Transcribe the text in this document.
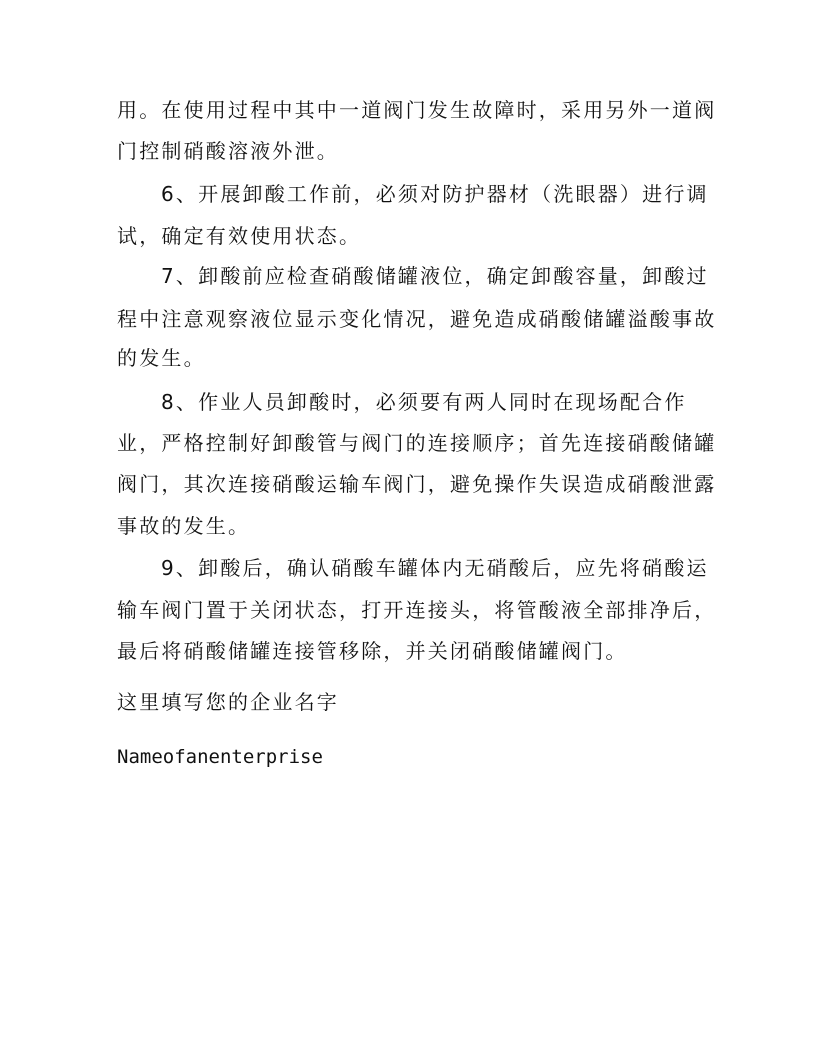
用。在使用过程中其中一道阀门发生故障时，采用另外一道阀
门控制硝酸溶液外泄。
6、开展卸酸工作前，必须对防护器材（洗眼器）进行调
试，确定有效使用状态。
7、卸酸前应检查硝酸储罐液位，确定卸酸容量，卸酸过
程中注意观察液位显示变化情况，避免造成硝酸储罐溢酸事故
的发生。
8、作业人员卸酸时，必须要有两人同时在现场配合作
业，严格控制好卸酸管与阀门的连接顺序；首先连接硝酸储罐
阀门，其次连接硝酸运输车阀门，避免操作失误造成硝酸泄露
事故的发生。
9、卸酸后，确认硝酸车罐体内无硝酸后，应先将硝酸运
输车阀门置于关闭状态，打开连接头，将管酸液全部排净后，
最后将硝酸储罐连接管移除，并关闭硝酸储罐阀门。
这里填写您的企业名字
Nameofanenterprise
